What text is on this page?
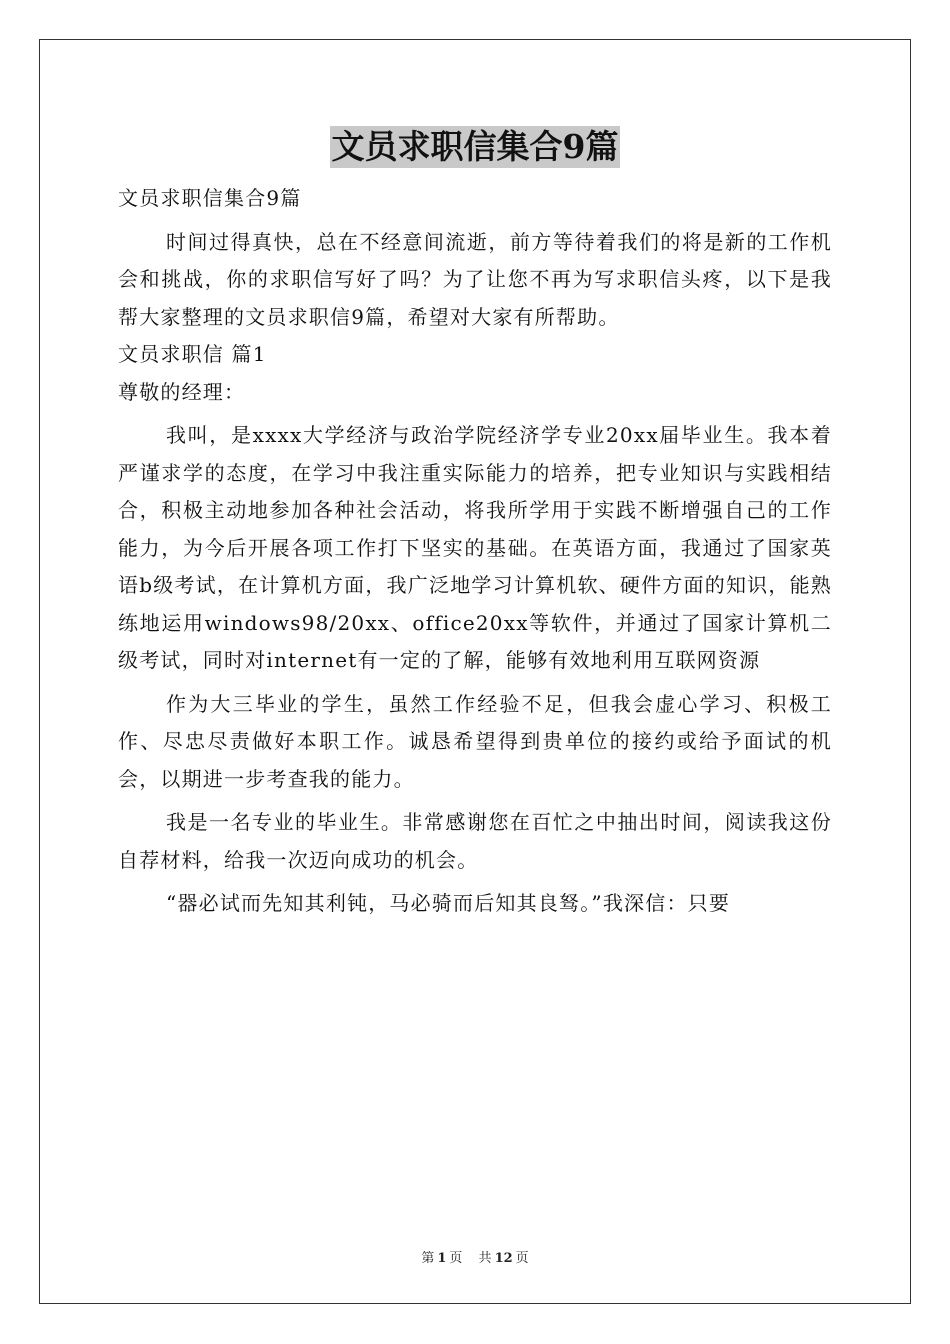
文员求职信集合9篇

文员求职信集合9篇

时间过得真快，总在不经意间流逝，前方等待着我们的将是新的工作机会和挑战，你的求职信写好了吗？为了让您不再为写求职信头疼，以下是我帮大家整理的文员求职信9篇，希望对大家有所帮助。

文员求职信 篇1

尊敬的经理：

我叫，是xxxx大学经济与政治学院经济学专业20xx届毕业生。我本着严谨求学的态度，在学习中我注重实际能力的培养，把专业知识与实践相结合，积极主动地参加各种社会活动，将我所学用于实践不断增强自己的工作能力，为今后开展各项工作打下坚实的基础。在英语方面，我通过了国家英语b级考试，在计算机方面，我广泛地学习计算机软、硬件方面的知识，能熟练地运用windows98/20xx、office20xx等软件，并通过了国家计算机二级考试，同时对internet有一定的了解，能够有效地利用互联网资源

作为大三毕业的学生，虽然工作经验不足，但我会虚心学习、积极工作、尽忠尽责做好本职工作。诚恳希望得到贵单位的接约或给予面试的机会，以期进一步考查我的能力。

我是一名专业的毕业生。非常感谢您在百忙之中抽出时间，阅读我这份自荐材料，给我一次迈向成功的机会。

“器必试而先知其利钝，马必骑而后知其良驽。”我深信：只要

第 1 页 共 12 页
